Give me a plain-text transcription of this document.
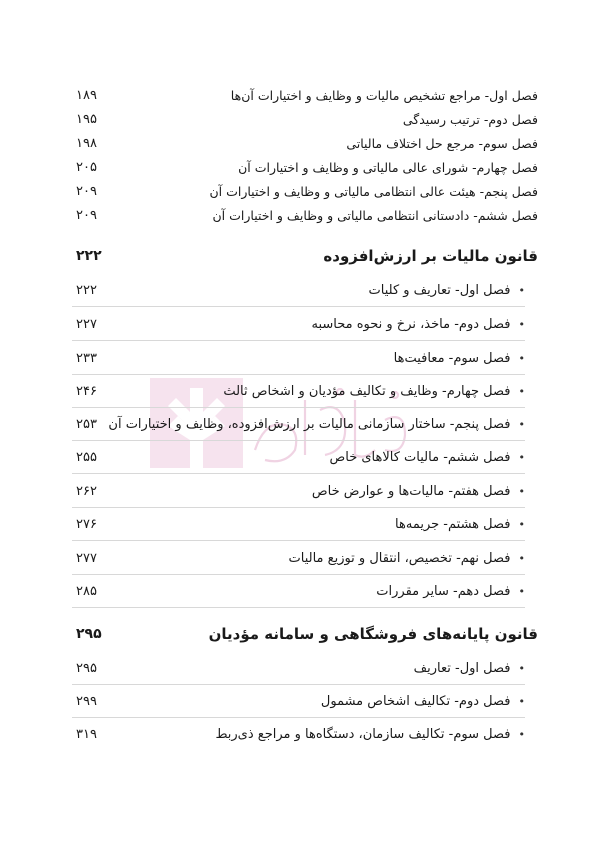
فصل اول- مراجع تشخیص مالیات و وظایف و اختیارات آن‌ها
۱۸۹
فصل دوم- ترتیب رسیدگی
۱۹۵
فصل سوم- مرجع حل اختلاف مالیاتی
۱۹۸
فصل چهارم- شورای عالی مالیاتی و وظایف و اختیارات آن
۲۰۵
فصل پنجم- هیئت عالی انتظامی مالیاتی و وظایف و اختیارات آن
۲۰۹
فصل ششم- دادستانی انتظامی مالیاتی و وظایف و اختیارات آن
۲۰۹
قانون مالیات بر ارزش‌افزوده
۲۲۲
•فصل اول- تعاریف و کلیات
۲۲۲
•فصل دوم- ماخذ، نرخ و نحوه محاسبه
۲۲۷
•فصل سوم- معافیت‌ها
۲۳۳
•فصل چهارم- وظایف و تکالیف مؤدیان و اشخاص ثالث
۲۴۶
•فصل پنجم- ساختار سازمانی مالیات بر ارزش‌افزوده، وظایف و اختیارات آن
۲۵۳
•فصل ششم- مالیات کالاهای خاص
۲۵۵
•فصل هفتم- مالیات‌ها و عوارض خاص
۲۶۲
•فصل هشتم- جریمه‌ها
۲۷۶
•فصل نهم- تخصیص، انتقال و توزیع مالیات
۲۷۷
•فصل دهم- سایر مقررات
۲۸۵
قانون پایانه‌های فروشگاهی و سامانه مؤدیان
۲۹۵
•فصل اول- تعاریف
۲۹۵
•فصل دوم- تکالیف اشخاص مشمول
۲۹۹
•فصل سوم- تکالیف سازمان، دستگاه‌ها و مراجع ذی‌ربط
۳۱۹
